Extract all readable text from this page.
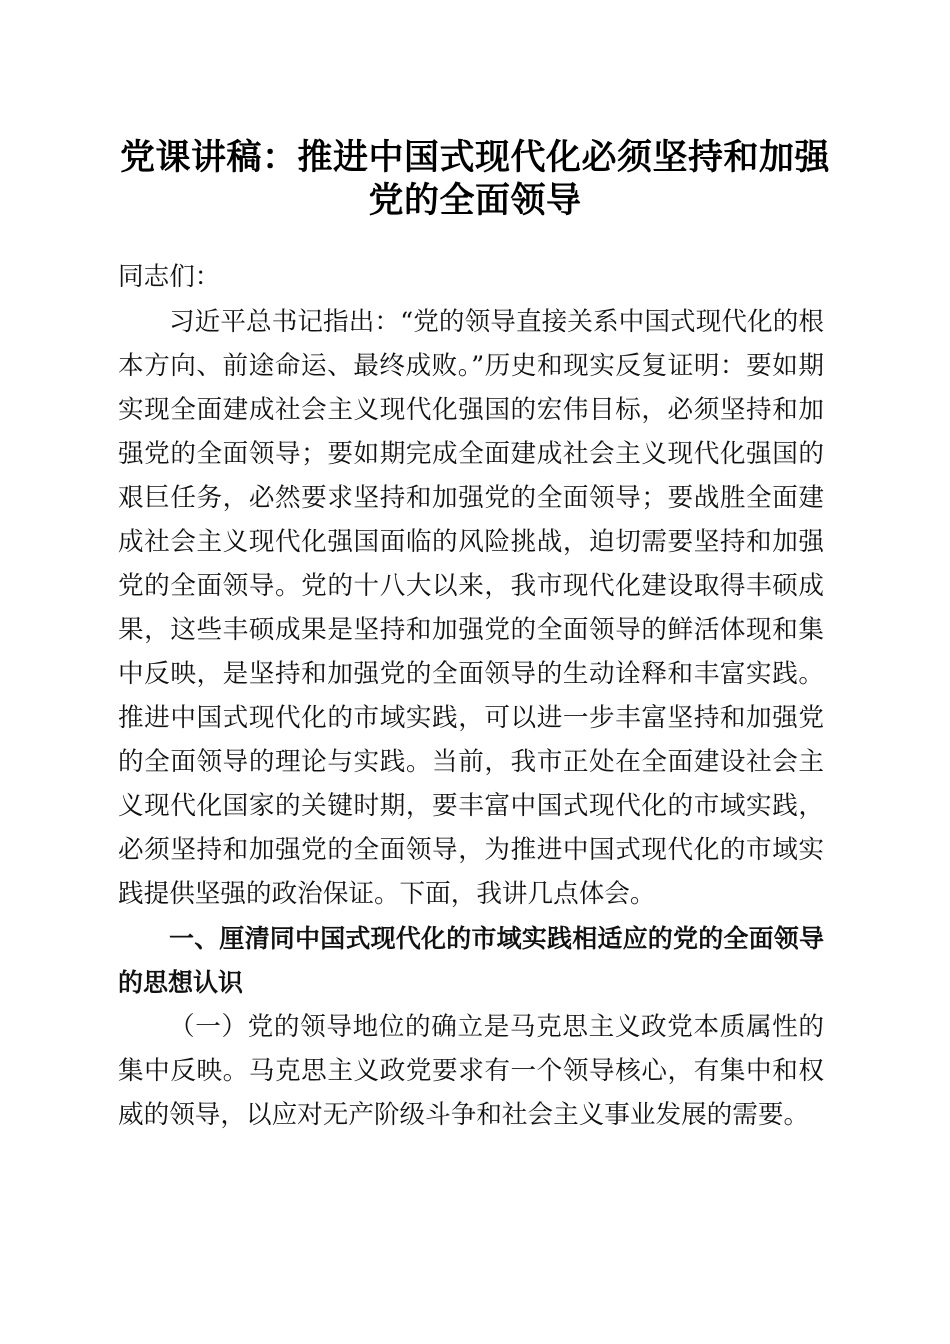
党课讲稿：推进中国式现代化必须坚持和加强党的全面领导

同志们：

习近平总书记指出：“党的领导直接关系中国式现代化的根本方向、前途命运、最终成败。”历史和现实反复证明：要如期实现全面建成社会主义现代化强国的宏伟目标，必须坚持和加强党的全面领导；要如期完成全面建成社会主义现代化强国的艰巨任务，必然要求坚持和加强党的全面领导；要战胜全面建成社会主义现代化强国面临的风险挑战，迫切需要坚持和加强党的全面领导。党的十八大以来，我市现代化建设取得丰硕成果，这些丰硕成果是坚持和加强党的全面领导的鲜活体现和集中反映，是坚持和加强党的全面领导的生动诠释和丰富实践。推进中国式现代化的市域实践，可以进一步丰富坚持和加强党的全面领导的理论与实践。当前，我市正处在全面建设社会主义现代化国家的关键时期，要丰富中国式现代化的市域实践，必须坚持和加强党的全面领导，为推进中国式现代化的市域实践提供坚强的政治保证。下面，我讲几点体会。

一、厘清同中国式现代化的市域实践相适应的党的全面领导的思想认识

（一）党的领导地位的确立是马克思主义政党本质属性的集中反映。马克思主义政党要求有一个领导核心，有集中和权威的领导，以应对无产阶级斗争和社会主义事业发展的需要。
